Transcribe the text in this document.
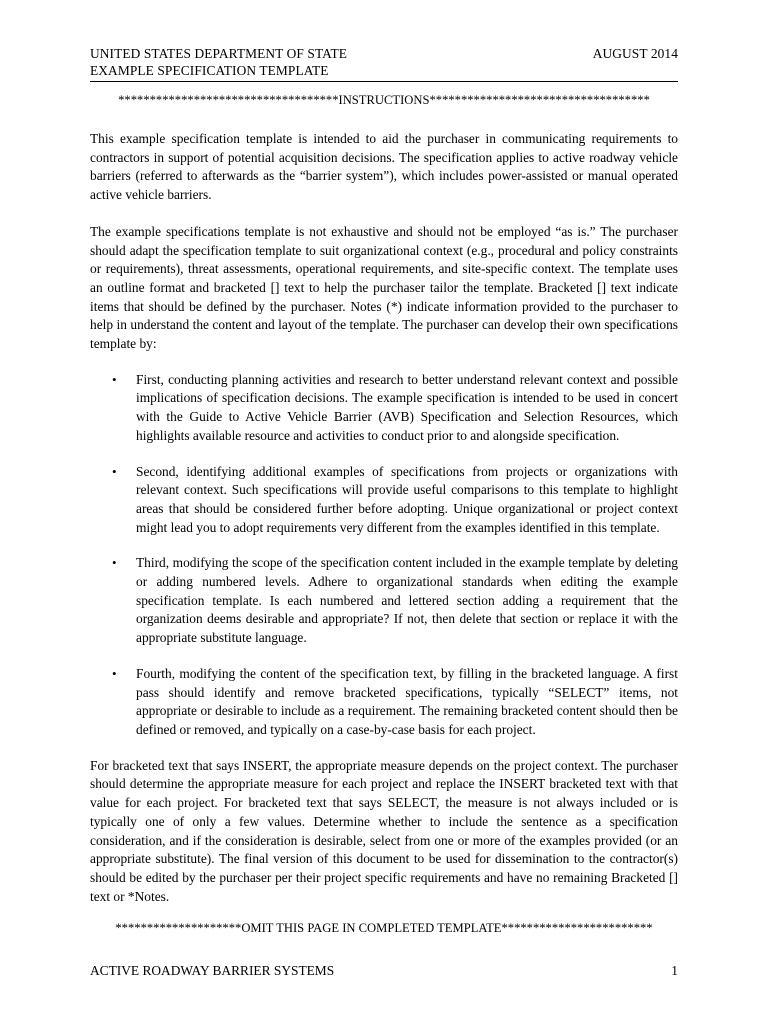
UNITED STATES DEPARTMENT OF STATE	AUGUST 2014
EXAMPLE SPECIFICATION TEMPLATE
***********************************INSTRUCTIONS***********************************

This example specification template is intended to aid the purchaser in communicating requirements to contractors in support of potential acquisition decisions. The specification applies to active roadway vehicle barriers (referred to afterwards as the “barrier system”), which includes power-assisted or manual operated active vehicle barriers.

The example specifications template is not exhaustive and should not be employed “as is.” The purchaser should adapt the specification template to suit organizational context (e.g., procedural and policy constraints or requirements), threat assessments, operational requirements, and site-specific context. The template uses an outline format and bracketed [] text to help the purchaser tailor the template. Bracketed [] text indicate items that should be defined by the purchaser. Notes (*) indicate information provided to the purchaser to help in understand the content and layout of the template. The purchaser can develop their own specifications template by:

• First, conducting planning activities and research to better understand relevant context and possible implications of specification decisions. The example specification is intended to be used in concert with the Guide to Active Vehicle Barrier (AVB) Specification and Selection Resources, which highlights available resource and activities to conduct prior to and alongside specification.
• Second, identifying additional examples of specifications from projects or organizations with relevant context. Such specifications will provide useful comparisons to this template to highlight areas that should be considered further before adopting. Unique organizational or project context might lead you to adopt requirements very different from the examples identified in this template.
• Third, modifying the scope of the specification content included in the example template by deleting or adding numbered levels. Adhere to organizational standards when editing the example specification template. Is each numbered and lettered section adding a requirement that the organization deems desirable and appropriate? If not, then delete that section or replace it with the appropriate substitute language.
• Fourth, modifying the content of the specification text, by filling in the bracketed language. A first pass should identify and remove bracketed specifications, typically “SELECT” items, not appropriate or desirable to include as a requirement. The remaining bracketed content should then be defined or removed, and typically on a case-by-case basis for each project.

For bracketed text that says INSERT, the appropriate measure depends on the project context. The purchaser should determine the appropriate measure for each project and replace the INSERT bracketed text with that value for each project. For bracketed text that says SELECT, the measure is not always included or is typically one of only a few values. Determine whether to include the sentence as a specification consideration, and if the consideration is desirable, select from one or more of the examples provided (or an appropriate substitute). The final version of this document to be used for dissemination to the contractor(s) should be edited by the purchaser per their project specific requirements and have no remaining Bracketed [] text or *Notes.

********************OMIT THIS PAGE IN COMPLETED TEMPLATE************************
ACTIVE ROADWAY BARRIER SYSTEMS	1
